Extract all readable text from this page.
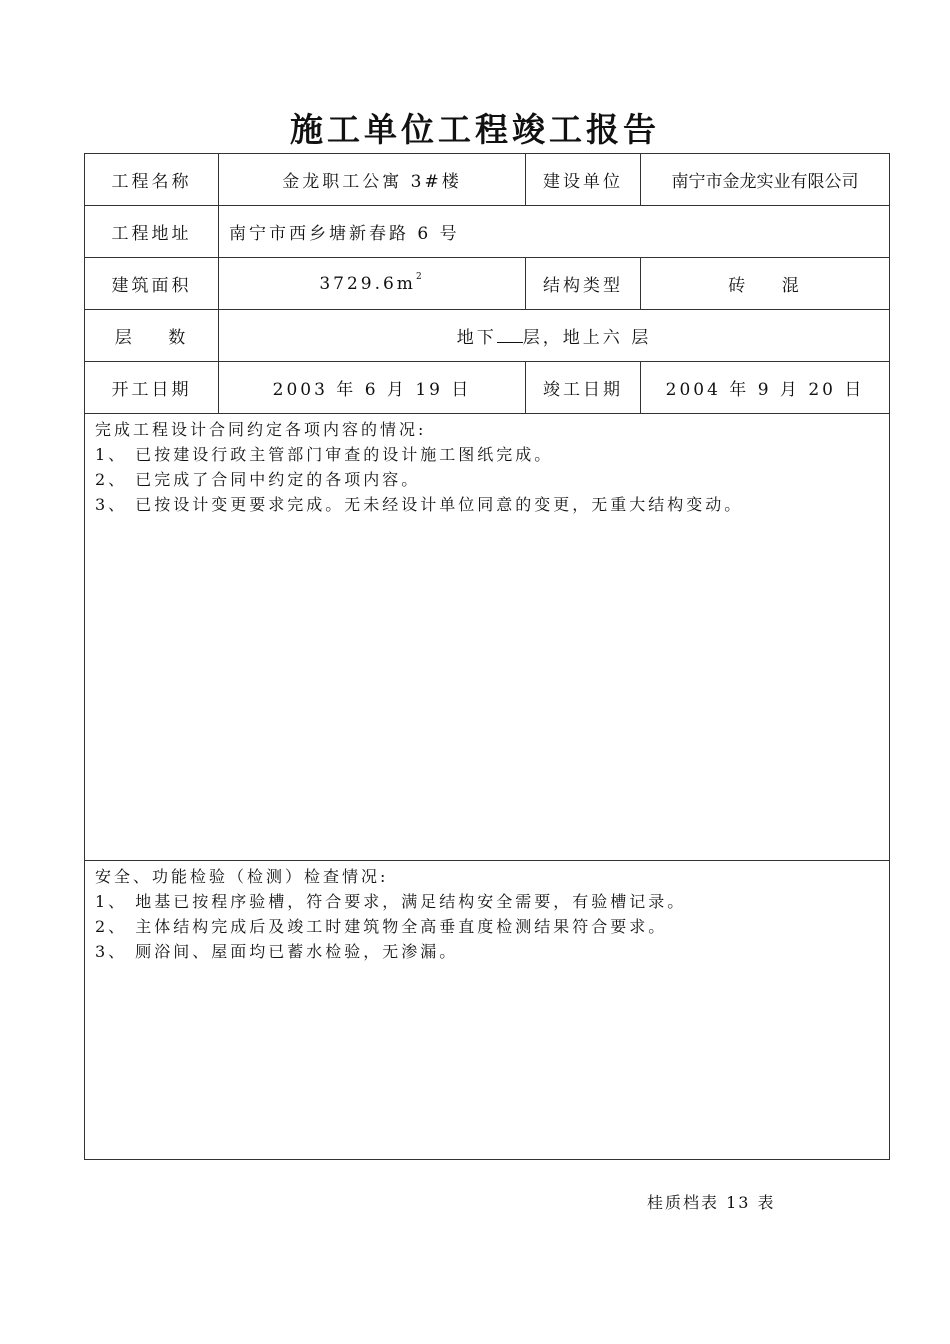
施工单位工程竣工报告
工程名称	金龙职工公寓 3#楼	建设单位	南宁市金龙实业有限公司
工程地址	南宁市西乡塘新春路 6 号		
建筑面积	$3729.6m^2$	结构类型	砖    混
层    数	地下 层，地上六 层		
开工日期	2003 年 6 月 19 日	竣工日期	2004 年 9 月 20 日

完成工程设计合同约定各项内容的情况:
1、 已按建设行政主管部门审查的设计施工图纸完成。
2、 已完成了合同中约定的各项内容。
3、 已按设计变更要求完成。无未经设计单位同意的变更，无重大结构变动。			

安全、功能检验（检测）检查情况:
1、 地基已按程序验槽，符合要求，满足结构安全需要，有验槽记录。
2、 主体结构完成后及竣工时建筑物全高垂直度检测结果符合要求。
3、 厕浴间、屋面均已蓄水检验，无渗漏。			
桂质档表 13 表
